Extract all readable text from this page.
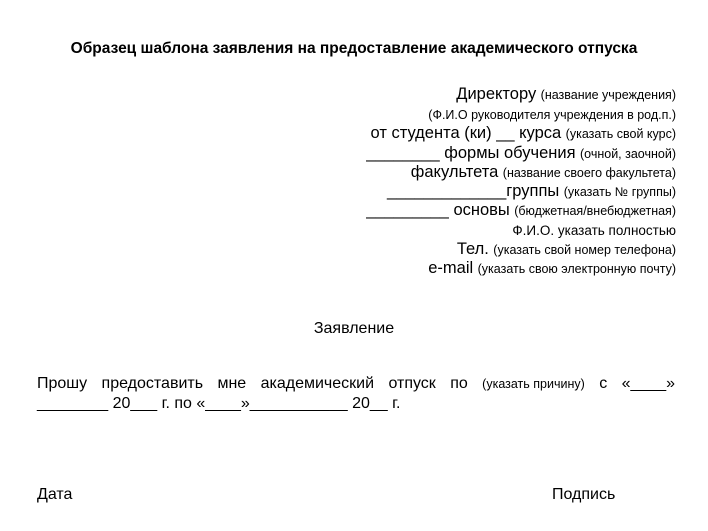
Образец шаблона заявления на предоставление академического отпуска
Директору (название учреждения)
(Ф.И.О руководителя учреждения в род.п.)
от студента (ки) __ курса (указать свой курс)
________ формы обучения (очной, заочной)
факультета (название своего факультета)
_____________группы (указать № группы)
_________ основы (бюджетная/внебюджетная)
Ф.И.О. указать полностью
Тел. (указать свой номер телефона)
e-mail (указать свою электронную почту)
Заявление
Прошу предоставить мне академический отпуск по (указать причину) с «____»
________ 20___ г. по «____»___________ 20__ г.
Дата	Подпись
